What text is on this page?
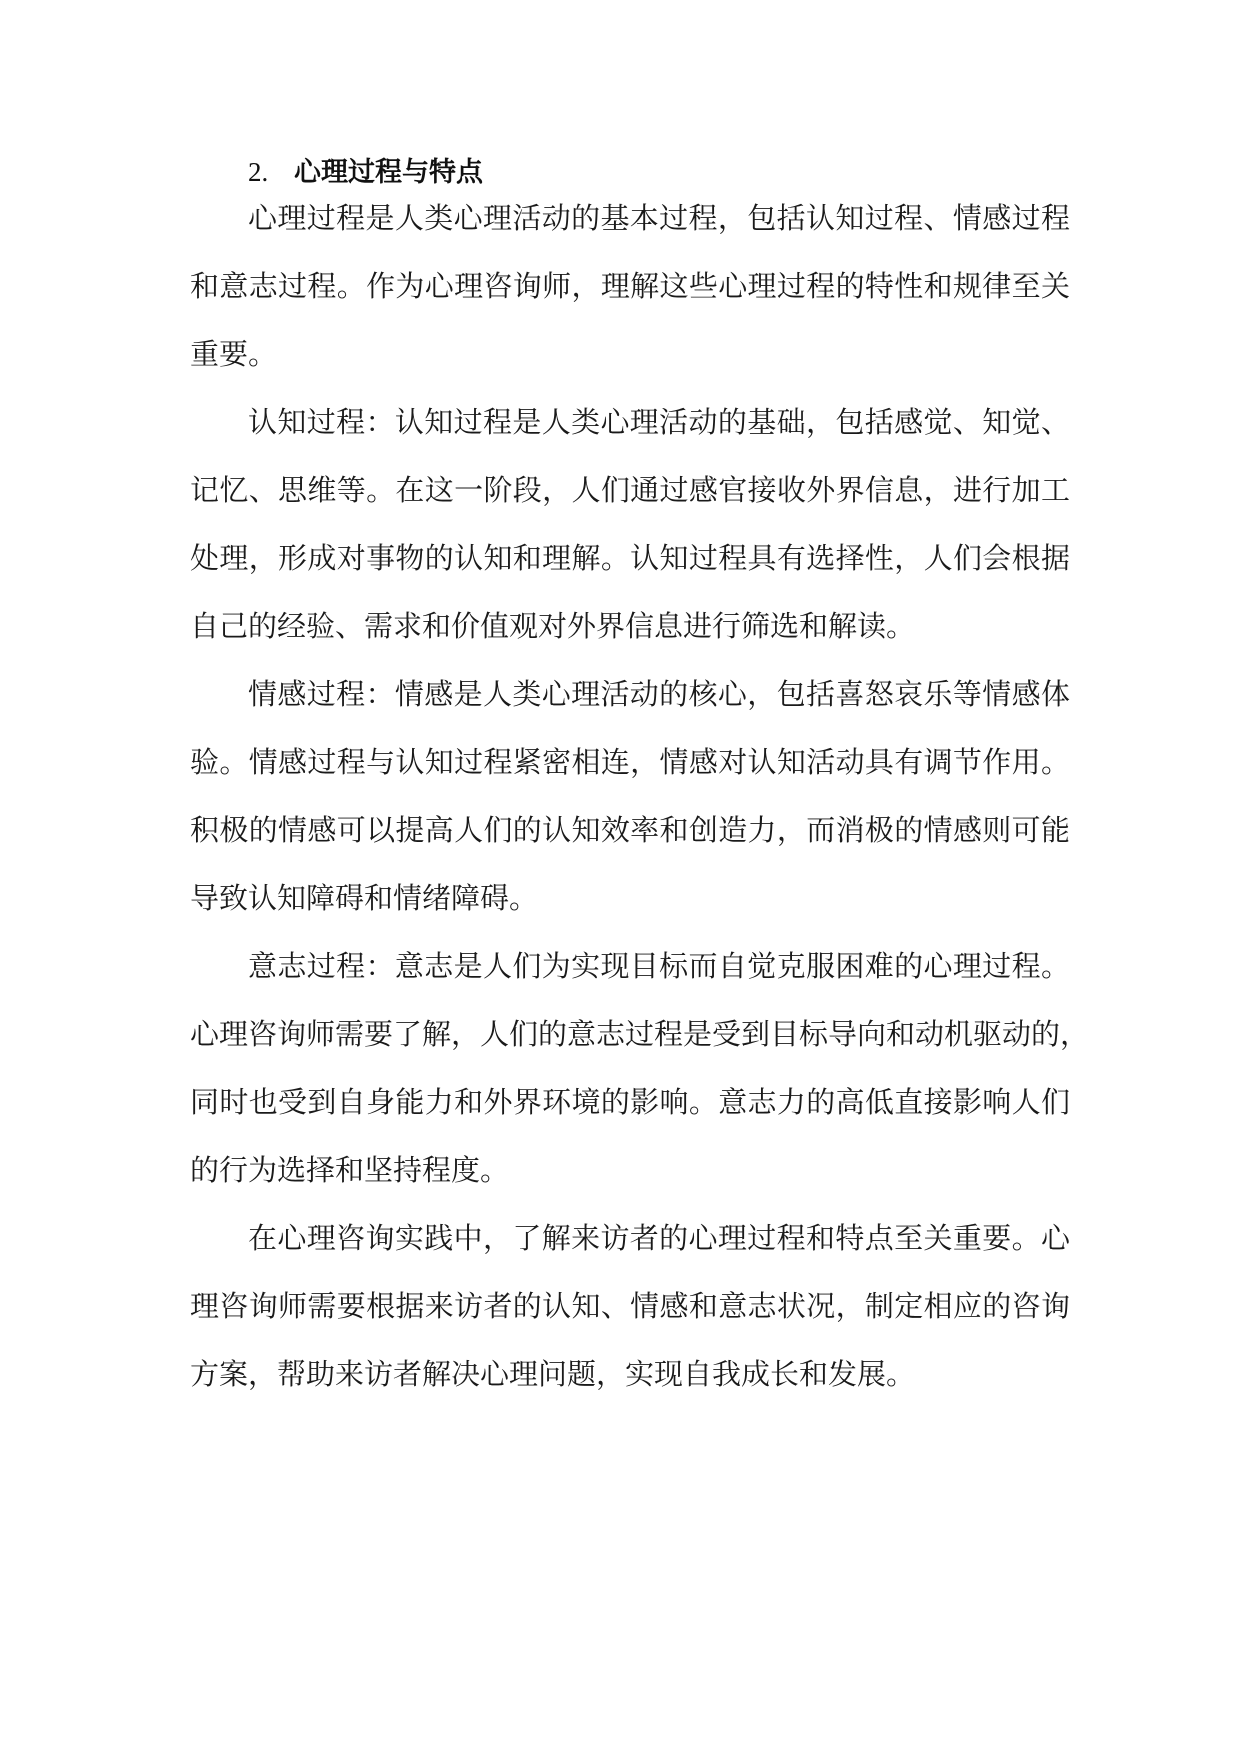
2. 心理过程与特点

心理过程是人类心理活动的基本过程，包括认知过程、情感过程

和意志过程。作为心理咨询师，理解这些心理过程的特性和规律至关

重要。

认知过程：认知过程是人类心理活动的基础，包括感觉、知觉、

记忆、思维等。在这一阶段，人们通过感官接收外界信息，进行加工

处理，形成对事物的认知和理解。认知过程具有选择性，人们会根据

自己的经验、需求和价值观对外界信息进行筛选和解读。

情感过程：情感是人类心理活动的核心，包括喜怒哀乐等情感体

验。情感过程与认知过程紧密相连，情感对认知活动具有调节作用。

积极的情感可以提高人们的认知效率和创造力，而消极的情感则可能

导致认知障碍和情绪障碍。

意志过程：意志是人们为实现目标而自觉克服困难的心理过程。

心理咨询师需要了解，人们的意志过程是受到目标导向和动机驱动的，

同时也受到自身能力和外界环境的影响。意志力的高低直接影响人们

的行为选择和坚持程度。

在心理咨询实践中，了解来访者的心理过程和特点至关重要。心

理咨询师需要根据来访者的认知、情感和意志状况，制定相应的咨询

方案，帮助来访者解决心理问题，实现自我成长和发展。
